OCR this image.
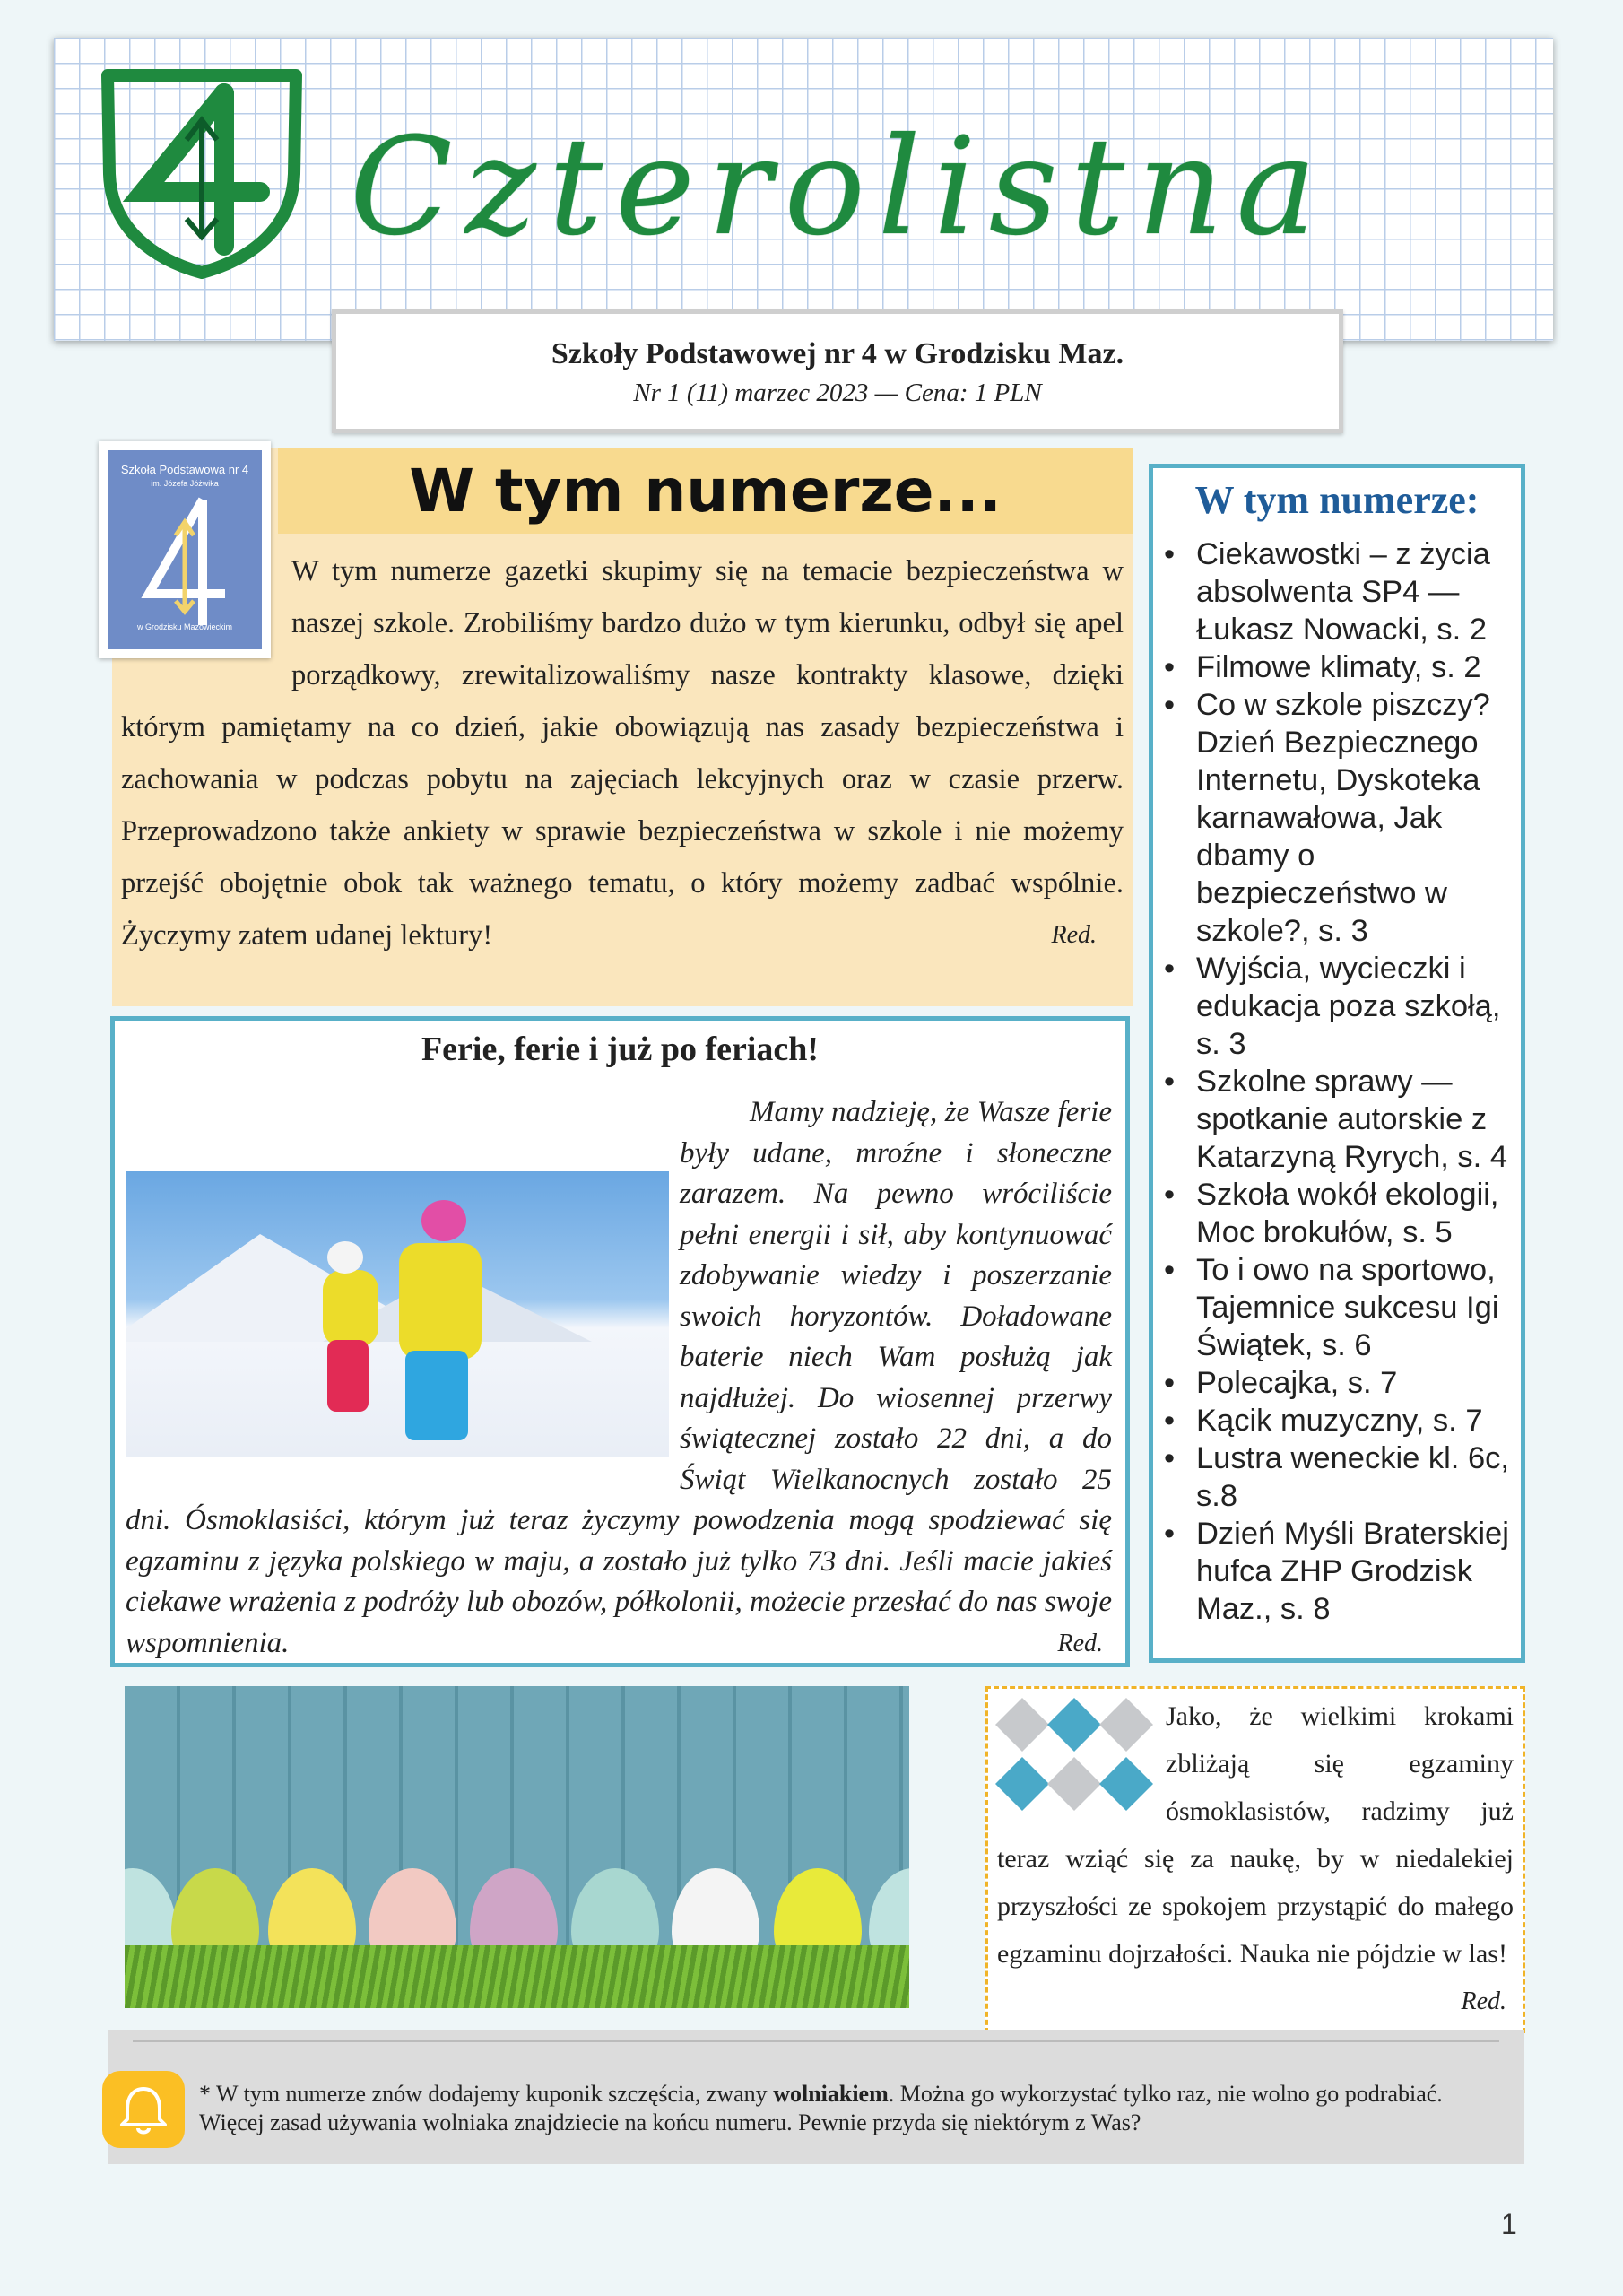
Czterolistna
Szkoły Podstawowej nr 4 w Grodzisku Maz.
Nr 1 (11) marzec 2023 — Cena: 1 PLN
W tym numerze...
W tym numerze gazetki skupimy się na temacie bezpieczeństwa w naszej szkole. Zrobiliśmy bardzo dużo w tym kierunku, odbył się apel porządkowy, zrewitalizowaliśmy nasze kontrakty klasowe, dzięki którym pamiętamy na co dzień, jakie obowiązują nas zasady bezpieczeństwa i zachowania w podczas pobytu na zajęciach lekcyjnych oraz w czasie przerw. Przeprowadzono także ankiety w sprawie bezpieczeństwa w szkole i nie możemy przejść obojętnie obok tak ważnego tematu, o który możemy zadbać wspólnie. Życzymy zatem udanej lektury!	Red.
Szkoła Podstawowa nr 4
im. Józefa Jóżwika
w Grodzisku Mazowieckim
W tym numerze:
• Ciekawostki – z życia absolwenta SP4 — Łukasz Nowacki, s. 2
• Filmowe klimaty, s. 2
• Co w szkole piszczy? Dzień Bezpiecznego Internetu, Dyskoteka karnawałowa, Jak dbamy o bezpieczeństwo w szkole?, s. 3
• Wyjścia, wycieczki i edukacja poza szkołą, s. 3
• Szkolne sprawy — spotkanie autorskie z Katarzyną Ryrych, s. 4
• Szkoła wokół ekologii, Moc brokułów, s. 5
• To i owo na sportowo, Tajemnice sukcesu Igi Świątek, s. 6
• Polecajka, s. 7
• Kącik muzyczny, s. 7
• Lustra weneckie kl. 6c, s.8
• Dzień Myśli Braterskiej hufca ZHP Grodzisk Maz., s. 8
Ferie, ferie i już po feriach!
Mamy nadzieję, że Wasze ferie były udane, mroźne i słoneczne zarazem. Na pewno wróciliście pełni energii i sił, aby kontynuować zdobywanie wiedzy i poszerzanie swoich horyzontów. Doładowane baterie niech Wam posłużą jak najdłużej. Do wiosennej przerwy świątecznej zostało 22 dni, a do Świąt Wielkanocnych zostało 25 dni. Ósmoklasiści, którym już teraz życzymy powodzenia mogą spodziewać się egzaminu z języka polskiego w maju, a zostało już tylko 73 dni. Jeśli macie jakieś ciekawe wrażenia z podróży lub obozów, półkolonii, możecie przesłać do nas swoje wspomnienia.	Red.
Jako, że wielkimi krokami zbliżają się egzaminy ósmoklasistów, radzimy już teraz wziąć się za naukę, by w niedalekiej przyszłości ze spokojem przystąpić do małego egzaminu dojrzałości. Nauka nie pójdzie w las!
Red.
* W tym numerze znów dodajemy kuponik szczęścia, zwany wolniakiem. Można go wykorzystać tylko raz, nie wolno go podrabiać. Więcej zasad używania wolniaka znajdziecie na końcu numeru. Pewnie przyda się niektórym z Was?
1
